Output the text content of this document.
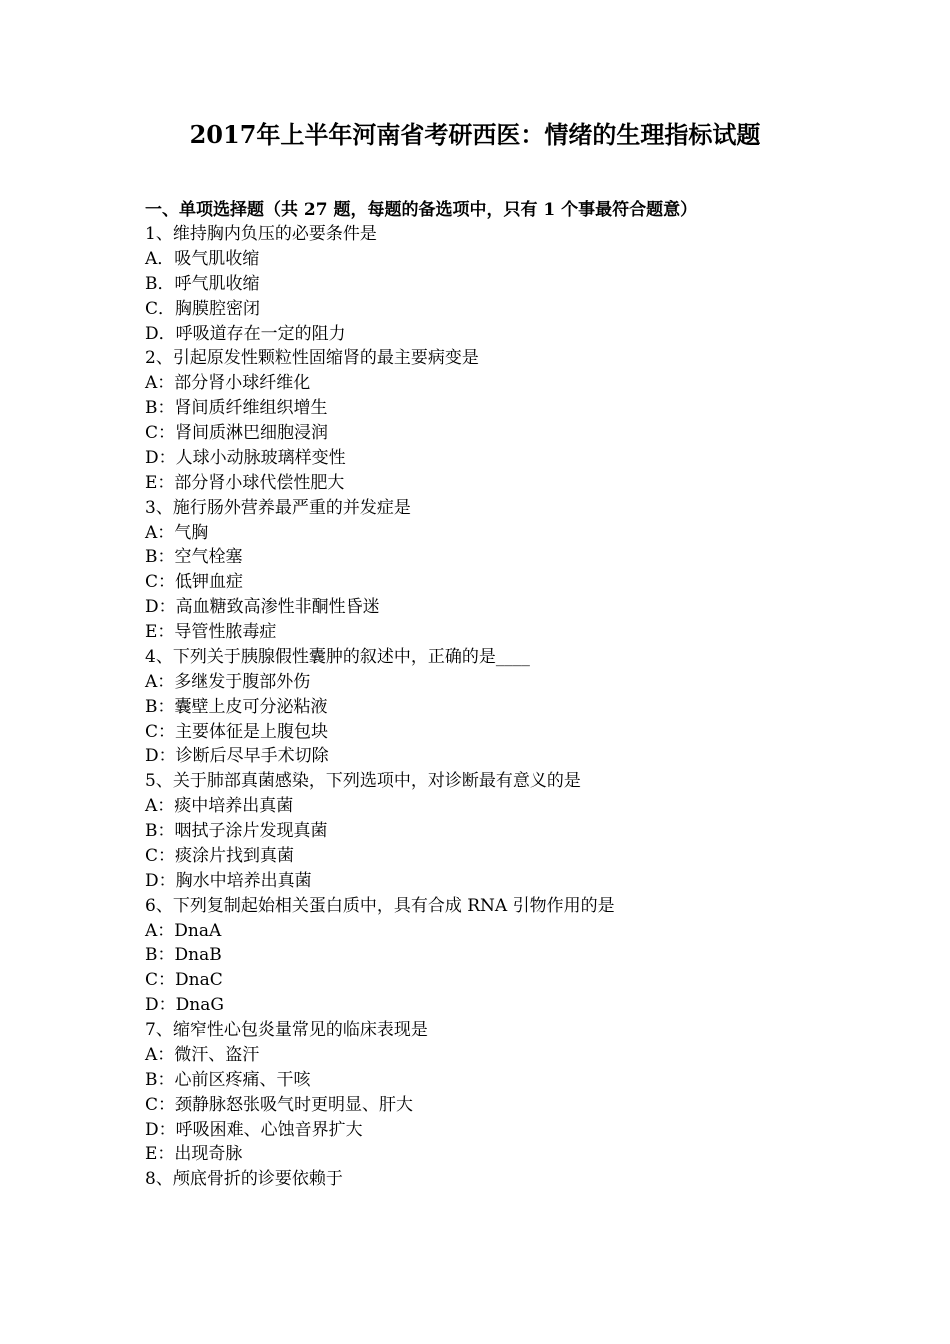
2017年上半年河南省考研西医：情绪的生理指标试题
一、单项选择题（共 27 题，每题的备选项中，只有 1 个事最符合题意）
1、维持胸内负压的必要条件是
A．吸气肌收缩
B．呼气肌收缩
C．胸膜腔密闭
D．呼吸道存在一定的阻力
2、引起原发性颗粒性固缩肾的最主要病变是
A：部分肾小球纤维化
B：肾间质纤维组织增生
C：肾间质淋巴细胞浸润
D：人球小动脉玻璃样变性
E：部分肾小球代偿性肥大
3、施行肠外营养最严重的并发症是
A：气胸
B：空气栓塞
C：低钾血症
D：高血糖致高渗性非酮性昏迷
E：导管性脓毒症
4、下列关于胰腺假性囊肿的叙述中，正确的是____
A：多继发于腹部外伤
B：囊壁上皮可分泌粘液
C：主要体征是上腹包块
D：诊断后尽早手术切除
5、关于肺部真菌感染，下列选项中，对诊断最有意义的是
A：痰中培养出真菌
B：咽拭子涂片发现真菌
C：痰涂片找到真菌
D：胸水中培养出真菌
6、下列复制起始相关蛋白质中，具有合成 RNA 引物作用的是
A：DnaA
B：DnaB
C：DnaC
D：DnaG
7、缩窄性心包炎量常见的临床表现是
A：微汗、盗汗
B：心前区疼痛、干咳
C：颈静脉怒张吸气时更明显、肝大
D：呼吸困难、心蚀音界扩大
E：出现奇脉
8、颅底骨折的诊要依赖于
